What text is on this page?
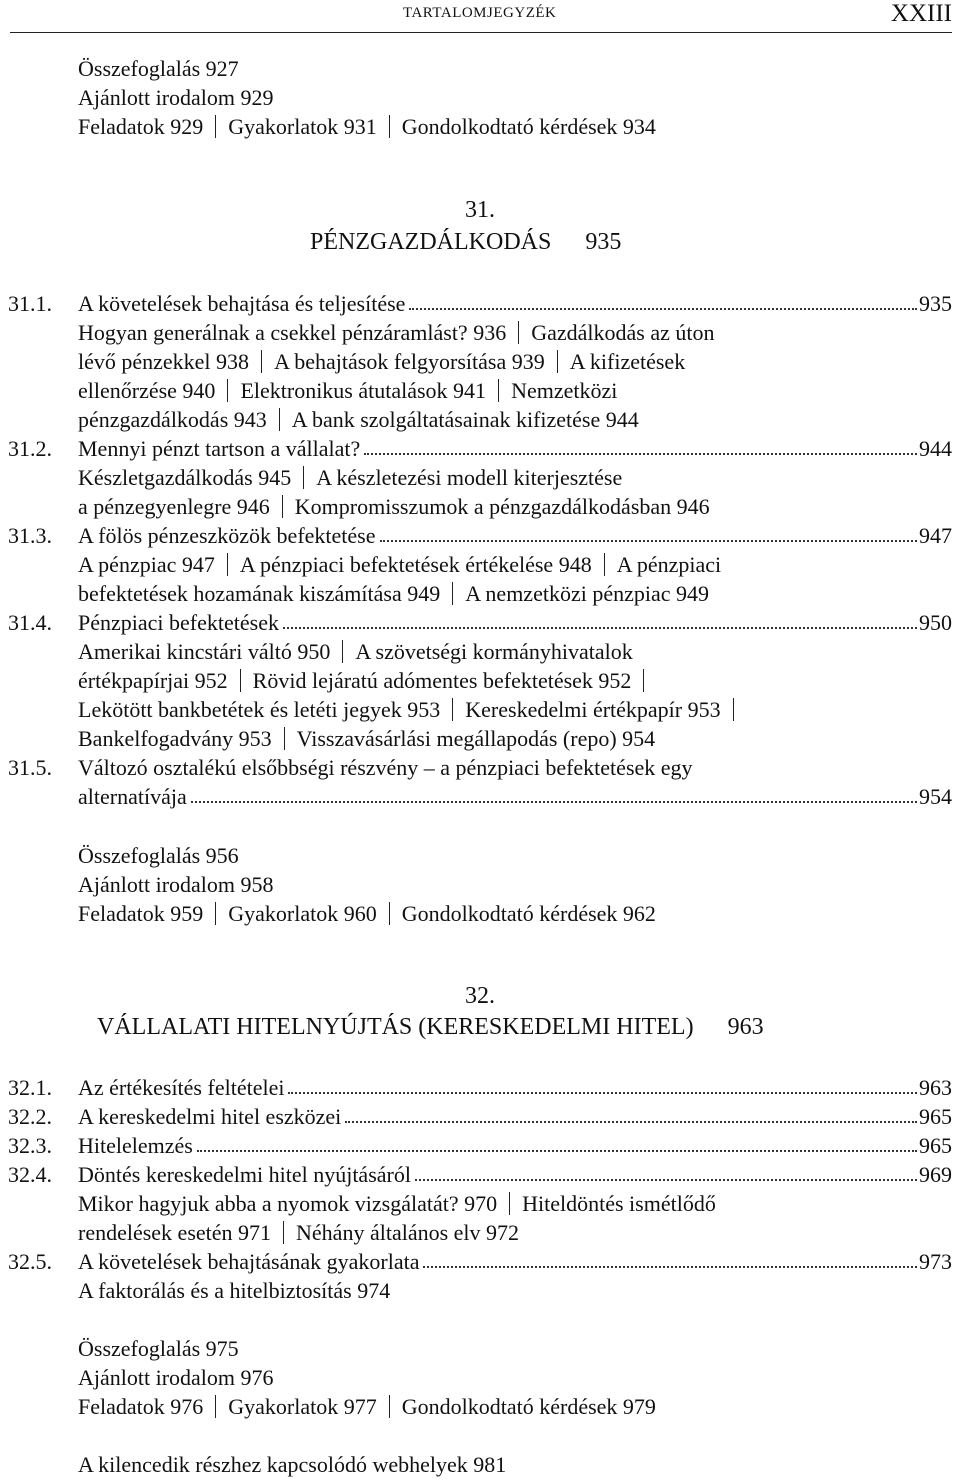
TARTALOMJEGYZÉK	XXIII
Összefoglalás 927
Ajánlott irodalom 929
Feladatok 929 Gyakorlatok 931 Gondolkodtató kérdések 934
31.
PÉNZGAZDÁLKODÁS 935
31.1.	A követelések behajtása és teljesítése	935
Hogyan generálnak a csekkel pénzáramlást? 936 Gazdálkodás az úton
lévő pénzekkel 938 A behajtások felgyorsítása 939 A kifizetések
ellenőrzése 940 Elektronikus átutalások 941 Nemzetközi
pénzgazdálkodás 943 A bank szolgáltatásainak kifizetése 944
31.2.	Mennyi pénzt tartson a vállalat?	944
Készletgazdálkodás 945 A készletezési modell kiterjesztése
a pénzegyenlegre 946 Kompromisszumok a pénzgazdálkodásban 946
31.3.	A fölös pénzeszközök befektetése	947
A pénzpiac 947 A pénzpiaci befektetések értékelése 948 A pénzpiaci
befektetések hozamának kiszámítása 949 A nemzetközi pénzpiac 949
31.4.	Pénzpiaci befektetések	950
Amerikai kincstári váltó 950 A szövetségi kormányhivatalok
értékpapírjai 952 Rövid lejáratú adómentes befektetések 952
Lekötött bankbetétek és letéti jegyek 953 Kereskedelmi értékpapír 953
Bankelfogadvány 953 Visszavásárlási megállapodás (repo) 954
31.5.	Változó osztalékú elsőbbségi részvény – a pénzpiaci befektetések egy
alternatívája	954
Összefoglalás 956
Ajánlott irodalom 958
Feladatok 959 Gyakorlatok 960 Gondolkodtató kérdések 962
32.
VÁLLALATI HITELNYÚJTÁS (KERESKEDELMI HITEL) 963
32.1.	Az értékesítés feltételei	963
32.2.	A kereskedelmi hitel eszközei	965
32.3.	Hitelelemzés	965
32.4.	Döntés kereskedelmi hitel nyújtásáról	969
Mikor hagyjuk abba a nyomok vizsgálatát? 970 Hiteldöntés ismétlődő
rendelések esetén 971 Néhány általános elv 972
32.5.	A követelések behajtásának gyakorlata	973
A faktorálás és a hitelbiztosítás 974
Összefoglalás 975
Ajánlott irodalom 976
Feladatok 976 Gyakorlatok 977 Gondolkodtató kérdések 979
A kilencedik részhez kapcsolódó webhelyek 981
